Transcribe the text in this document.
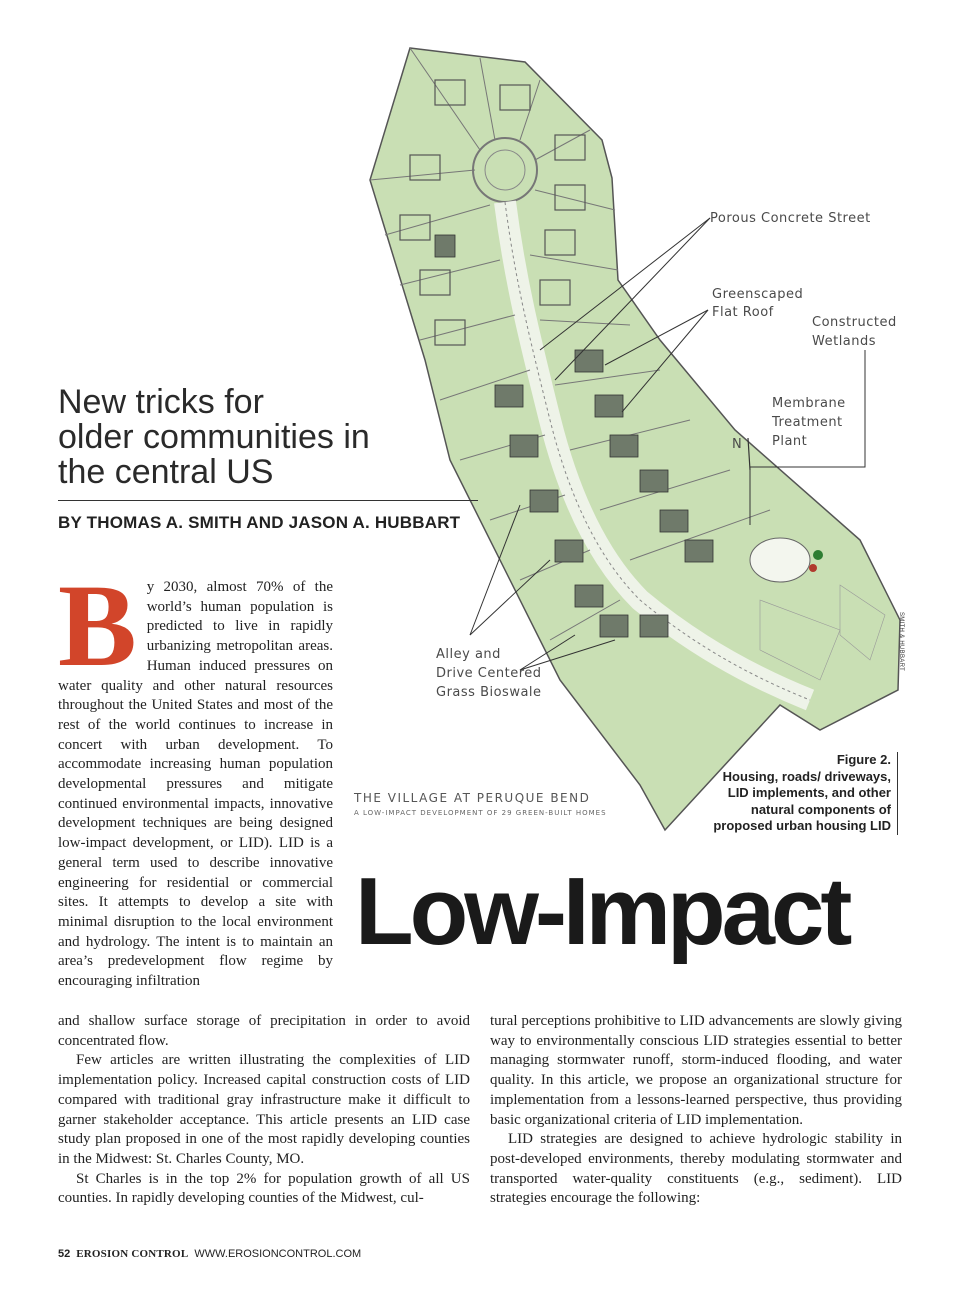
N
Porous Concrete Street
Greenscaped
Flat Roof
Constructed
Wetlands
Membrane
Treatment
Plant
Alley and
Drive Centered
Grass Bioswale
THE VILLAGE AT PERUQUE BEND
A LOW-IMPACT DEVELOPMENT OF 29 GREEN-BUILT HOMES
SMITH & HUBBART
Figure 2.
Housing, roads/ driveways, LID implements, and other natural components of proposed urban housing LID
New tricks for
older communities in
the central US
BY THOMAS A. SMITH AND JASON A. HUBBART
By 2030, almost 70% of the world’s human population is predicted to live in rapidly urbanizing metropolitan areas. Human induced pressures on water quality and other natural resources throughout the United States and most of the rest of the world continues to increase in concert with urban development. To accommodate increasing human population developmental pressures and mitigate continued environmental impacts, innovative development techniques are being designed low-impact development, or LID). LID is a general term used to describe innovative engineering for residential or commercial sites. It attempts to develop a site with minimal disruption to the local environment and hydrology. The intent is to maintain an area’s predevelopment flow regime by encouraging infiltration
Low-Impact

and shallow surface storage of precipitation in order to avoid concentrated flow.

Few articles are written illustrating the complexities of LID implementation policy. Increased capital construction costs of LID compared with traditional gray infrastructure make it difficult to garner stakeholder acceptance. This article presents an LID case study plan proposed in one of the most rapidly developing counties in the Midwest: St. Charles County, MO.

St Charles is in the top 2% for population growth of all US counties. In rapidly developing counties of the Midwest, cul-

tural perceptions prohibitive to LID advancements are slowly giving way to environmentally conscious LID strategies essential to better managing stormwater runoff, storm-induced flooding, and water quality. In this article, we propose an organizational structure for implementation from a lessons-learned perspective, thus providing basic organizational criteria of LID implementation.

LID strategies are designed to achieve hydrologic stability in post-developed environments, thereby modulating stormwater and transported water-quality constituents (e.g., sediment). LID strategies encourage the following:

52 EROSION CONTROL WWW.EROSIONCONTROL.COM
